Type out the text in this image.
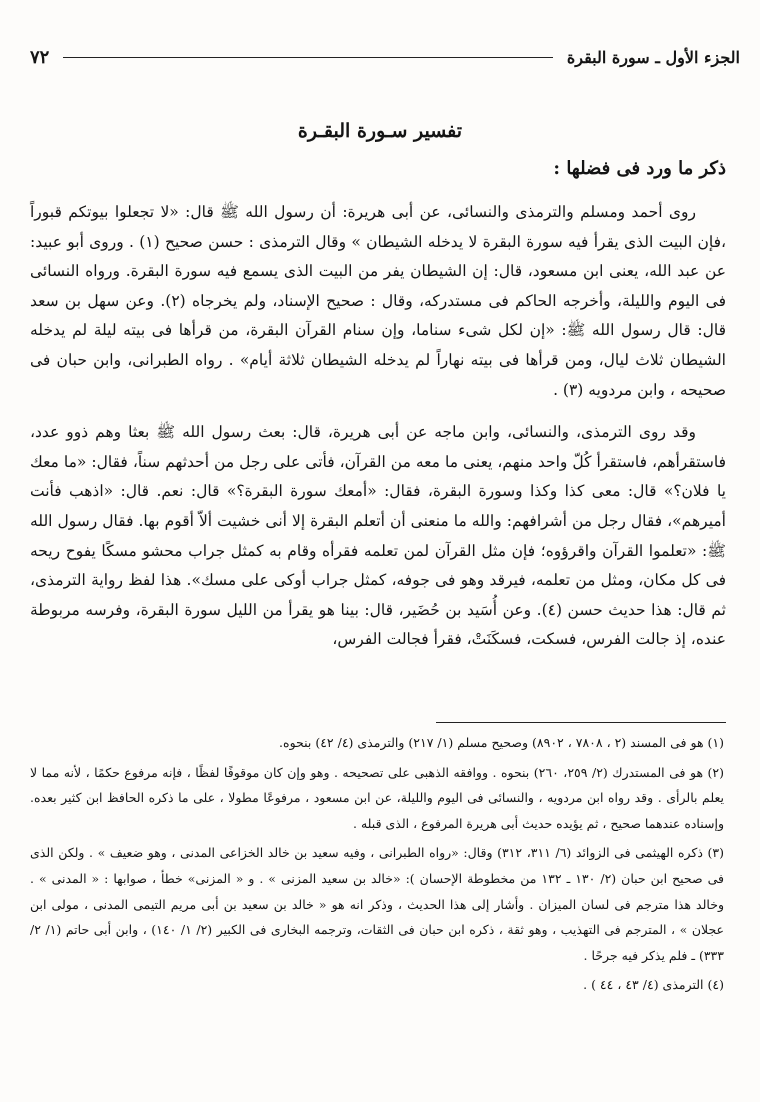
٧٢	الجزء الأول ـ سورة البقرة
تفسير سـورة البقـرة
ذكر ما ورد فى فضلها :

روى أحمد ومسلم والترمذى والنسائى، عن أبى هريرة: أن رسول الله ﷺ قال: «لا تجعلوا بيوتكم قبوراً ،فإن البيت الذى يقرأ فيه سورة البقرة لا يدخله الشيطان » وقال الترمذى : حسن صحيح (١) . وروى أبو عبيد: عن عبد الله، يعنى ابن مسعود، قال: إن الشيطان يفر من البيت الذى يسمع فيه سورة البقرة. ورواه النسائى فى اليوم والليلة، وأخرجه الحاكم فى مستدركه، وقال : صحيح الإسناد، ولم يخرجاه (٢). وعن سهل بن سعد قال: قال رسول الله ﷺ: «إن لكل شىء سناما، وإن سنام القرآن البقرة، من قرأها فى بيته ليلة لم يدخله الشيطان ثلاث ليال، ومن قرأها فى بيته نهاراً لم يدخله الشيطان ثلاثة أيام» . رواه الطبرانى، وابن حبان فى صحيحه ، وابن مردويه (٣) .

وقد روى الترمذى، والنسائى، وابن ماجه عن أبى هريرة، قال: بعث رسول الله ﷺ بعثا وهم ذوو عدد، فاستقرأهم، فاستقرأ كُلّ واحد منهم، يعنى ما معه من القرآن، فأتى على رجل من أحدثهم سناً، فقال: «ما معك يا فلان؟» قال: معى كذا وكذا وسورة البقرة، فقال: «أمعك سورة البقرة؟» قال: نعم. قال: «اذهب فأنت أميرهم»، فقال رجل من أشرافهم: والله ما منعنى أن أتعلم البقرة إلا أنى خشيت ألاّ أقوم بها. فقال رسول الله ﷺ: «تعلموا القرآن واقرؤوه؛ فإن مثل القرآن لمن تعلمه فقرأه وقام به كمثل جراب محشو مسكًا يفوح ريحه فى كل مكان، ومثل من تعلمه، فيرقد وهو فى جوفه، كمثل جراب أوكى على مسك». هذا لفظ رواية الترمذى، ثم قال: هذا حديث حسن (٤). وعن أُسَيد بن حُضَير، قال: بينا هو يقرأ من الليل سورة البقرة، وفرسه مربوطة عنده، إذ جالت الفرس، فسكت، فسكَنَتْ، فقرأ فجالت الفرس،

(١) هو فى المسند (٢ ، ٧٨٠٨ ، ٨٩٠٢) وصحيح مسلم (١/ ٢١٧) والترمذى (٤/ ٤٢) بنحوه.

(٢) هو فى المستدرك (٢/ ٢٥٩، ٢٦٠) بنحوه . ووافقه الذهبى على تصحيحه . وهو وإن كان موقوفًا لفظًا ، فإنه مرفوع حكمًا ، لأنه مما لا يعلم بالرأى . وقد رواه ابن مردويه ، والنسائى فى اليوم والليلة، عن ابن مسعود ، مرفوعًا مطولا ، على ما ذكره الحافظ ابن كثير بعده. وإسناده عندهما صحيح ، ثم يؤيده حديث أبى هريرة المرفوع ، الذى قبله .

(٣) ذكره الهيثمى فى الزوائد (٦/ ٣١١، ٣١٢) وقال: «رواه الطبرانى ، وفيه سعيد بن خالد الخزاعى المدنى ، وهو ضعيف » . ولكن الذى فى صحيح ابن حبان (٢/ ١٣٠ ـ ١٣٢ من مخطوطة الإحسان ): «خالد بن سعيد المزنى » . و « المزنى» خطأ ، صوابها : « المدنى » . وخالد هذا مترجم فى لسان الميزان . وأشار إلى هذا الحديث ، وذكر انه هو « خالد بن سعيد بن أبى مريم التيمى المدنى ، مولى ابن عجلان » ، المترجم فى التهذيب ، وهو ثقة ، ذكره ابن حبان فى الثقات، وترجمه البخارى فى الكبير (٢/ ١/ ١٤٠) ، وابن أبى حاتم (١/ ٢/ ٣٣٣) ـ فلم يذكر فيه جرحًا .

(٤) الترمذى (٤/ ٤٣ ، ٤٤ ) .
